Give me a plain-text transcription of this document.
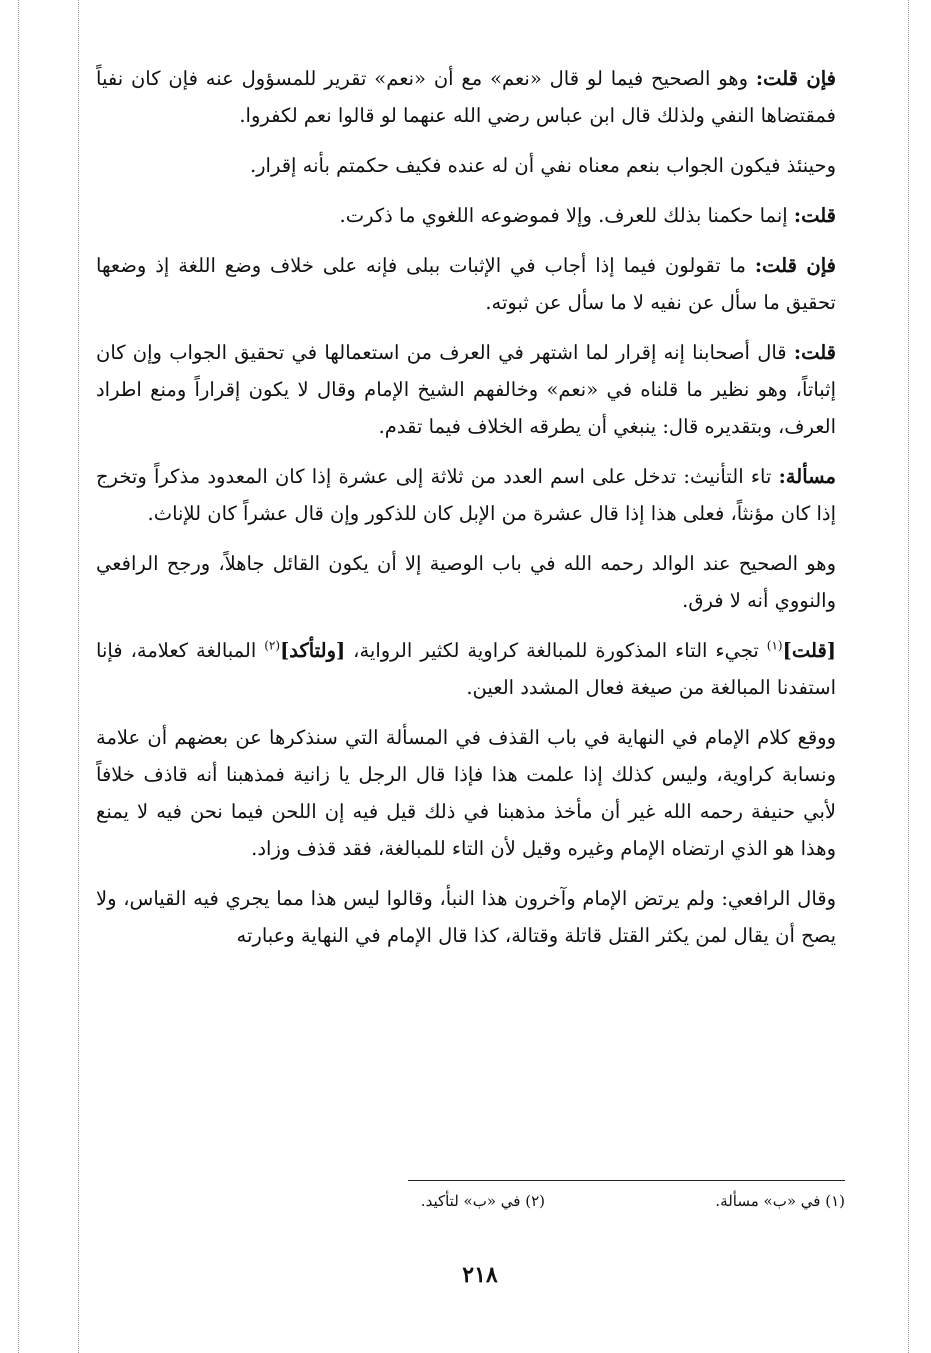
فإن قلت: وهو الصحيح فيما لو قال «نعم» مع أن «نعم» تقرير للمسؤول عنه فإن كان نفياً فمقتضاها النفي ولذلك قال ابن عباس رضي الله عنهما لو قالوا نعم لكفروا.

وحينئذ فيكون الجواب بنعم معناه نفي أن له عنده فكيف حكمتم بأنه إقرار.

قلت: إنما حكمنا بذلك للعرف. وإلا فموضوعه اللغوي ما ذكرت.

فإن قلت: ما تقولون فيما إذا أجاب في الإثبات ببلى فإنه على خلاف وضع اللغة إذ وضعها تحقيق ما سأل عن نفيه لا ما سأل عن ثبوته.

قلت: قال أصحابنا إنه إقرار لما اشتهر في العرف من استعمالها في تحقيق الجواب وإن كان إثباتاً، وهو نظير ما قلناه في «نعم» وخالفهم الشيخ الإمام وقال لا يكون إقراراً ومنع اطراد العرف، وبتقديره قال: ينبغي أن يطرقه الخلاف فيما تقدم.

مسألة: تاء التأنيث: تدخل على اسم العدد من ثلاثة إلى عشرة إذا كان المعدود مذكراً وتخرج إذا كان مؤنثاً، فعلى هذا إذا قال عشرة من الإبل كان للذكور وإن قال عشراً كان للإناث.

وهو الصحيح عند الوالد رحمه الله في باب الوصية إلا أن يكون القائل جاهلاً، ورجح الرافعي والنووي أنه لا فرق.

[قلت]$^{(١)}$ تجيء التاء المذكورة للمبالغة كراوية لكثير الرواية، [ولتأكد]$^{(٢)}$ المبالغة كعلامة، فإنا استفدنا المبالغة من صيغة فعال المشدد العين.

ووقع كلام الإمام في النهاية في باب القذف في المسألة التي سنذكرها عن بعضهم أن علامة ونسابة كراوية، وليس كذلك إذا علمت هذا فإذا قال الرجل يا زانية فمذهبنا أنه قاذف خلافاً لأبي حنيفة رحمه الله غير أن مأخذ مذهبنا في ذلك قيل فيه إن اللحن فيما نحن فيه لا يمنع وهذا هو الذي ارتضاه الإمام وغيره وقيل لأن التاء للمبالغة، فقد قذف وزاد.

وقال الرافعي: ولم يرتض الإمام وآخرون هذا النبأ، وقالوا ليس هذا مما يجري فيه القياس، ولا يصح أن يقال لمن يكثر القتل قاتلة وقتالة، كذا قال الإمام في النهاية وعبارته

(١) في «ب» مسألة.
(٢) في «ب» لتأكيد.
٢١٨
